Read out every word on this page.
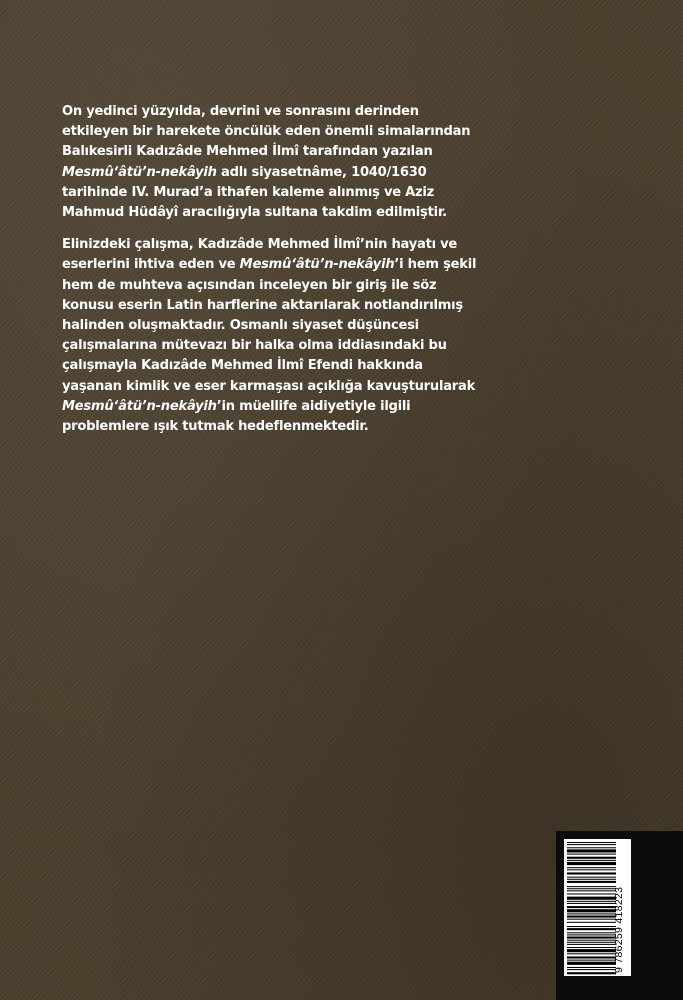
On yedinci yüzyılda, devrini ve sonrasını derinden
etkileyen bir harekete öncülük eden önemli simalarından
Balıkesirli Kadızâde Mehmed İlmî tarafından yazılan
Mesmû‘âtü’n-nekâyih adlı siyasetnâme, 1040/1630
tarihinde IV. Murad’a ithafen kaleme alınmış ve Aziz
Mahmud Hüdâyî aracılığıyla sultana takdim edilmiştir.

Elinizdeki çalışma, Kadızâde Mehmed İlmî’nin hayatı ve
eserlerini ihtiva eden ve Mesmû‘âtü’n-nekâyih’i hem şekil
hem de muhteva açısından inceleyen bir giriş ile söz
konusu eserin Latin harflerine aktarılarak notlandırılmış
halinden oluşmaktadır. Osmanlı siyaset düşüncesi
çalışmalarına mütevazı bir halka olma iddiasındaki bu
çalışmayla Kadızâde Mehmed İlmî Efendi hakkında
yaşanan kimlik ve eser karmaşası açıklığa kavuşturularak
Mesmû‘âtü’n-nekâyih’in müellife aidiyetiyle ilgili
problemlere ışık tutmak hedeflenmektedir.

9 786259 418223
